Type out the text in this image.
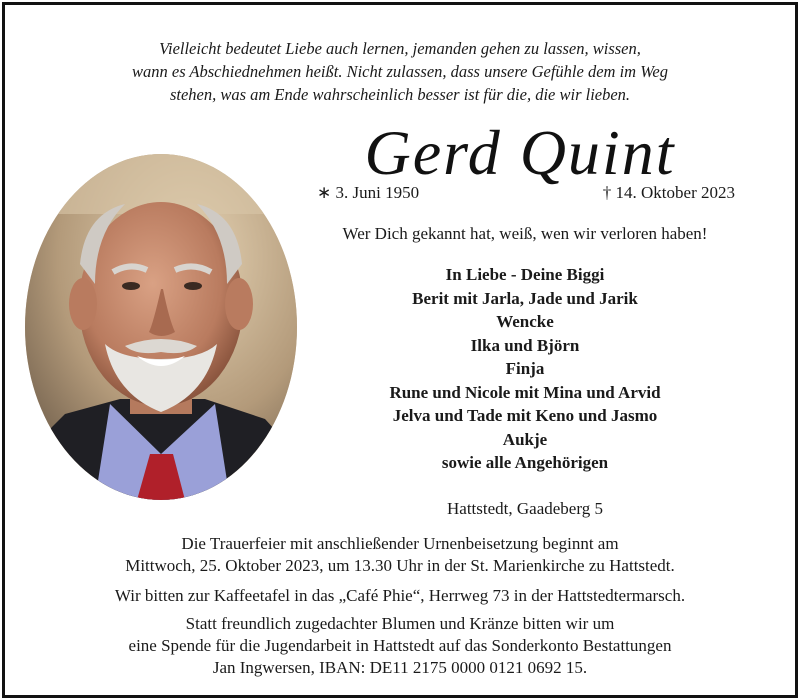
Vielleicht bedeutet Liebe auch lernen, jemanden gehen zu lassen, wissen,
wann es Abschiednehmen heißt. Nicht zulassen, dass unsere Gefühle dem im Weg
stehen, was am Ende wahrscheinlich besser ist für die, die wir lieben.
Gerd Quint
∗ 3. Juni 1950	† 14. Oktober 2023
Wer Dich gekannt hat, weiß, wen wir verloren haben!
In Liebe - Deine Biggi
Berit mit Jarla, Jade und Jarik
Wencke
Ilka und Björn
Finja
Rune und Nicole mit Mina und Arvid
Jelva und Tade mit Keno und Jasmo
Aukje
sowie alle Angehörigen
Hattstedt, Gaadeberg 5
Die Trauerfeier mit anschließender Urnenbeisetzung beginnt am
Mittwoch, 25. Oktober 2023, um 13.30 Uhr in der St. Marienkirche zu Hattstedt.
Wir bitten zur Kaffeetafel in das „Café Phie“, Herrweg 73 in der Hattstedtermarsch.
Statt freundlich zugedachter Blumen und Kränze bitten wir um
eine Spende für die Jugendarbeit in Hattstedt auf das Sonderkonto Bestattungen
Jan Ingwersen, IBAN: DE11 2175 0000 0121 0692 15.
